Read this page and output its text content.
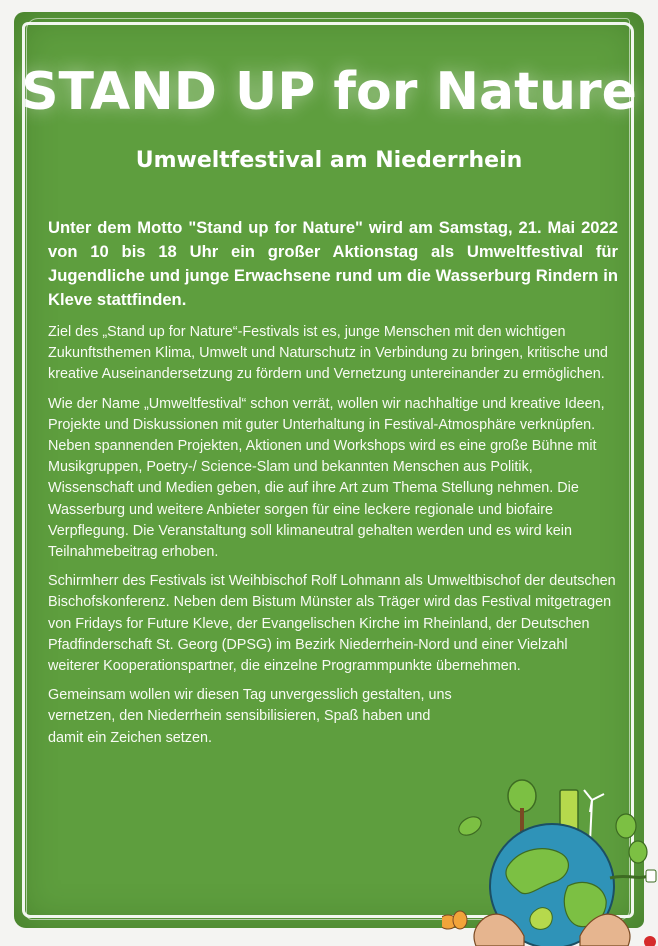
STAND UP for Nature
Umweltfestival am Niederrhein

Unter dem Motto "Stand up for Nature" wird am Samstag, 21. Mai 2022 von 10 bis 18 Uhr ein großer Aktionstag als Umweltfestival für Jugendliche und junge Erwachsene rund um die Wasserburg Rindern in Kleve stattfinden.

Ziel des „Stand up for Nature“-Festivals ist es, junge Menschen mit den wichtigen Zukunftsthemen Klima, Umwelt und Naturschutz in Verbindung zu bringen, kritische und kreative Auseinandersetzung zu fördern und Vernetzung untereinander zu ermöglichen.

Wie der Name „Umweltfestival“ schon verrät, wollen wir nachhaltige und kreative Ideen, Projekte und Diskussionen mit guter Unterhaltung in Festival-Atmosphäre verknüpfen. Neben spannenden Projekten, Aktionen und Workshops wird es eine große Bühne mit Musikgruppen, Poetry-/ Science-Slam und bekannten Menschen aus Politik, Wissenschaft und Medien geben, die auf ihre Art zum Thema Stellung nehmen. Die Wasserburg und weitere Anbieter sorgen für eine leckere regionale und biofaire Verpflegung. Die Veranstaltung soll klimaneutral gehalten werden und es wird kein Teilnahmebeitrag erhoben.

Schirmherr des Festivals ist Weihbischof Rolf Lohmann als Umweltbischof der deutschen Bischofskonferenz. Neben dem Bistum Münster als Träger wird das Festival mitgetragen von Fridays for Future Kleve, der Evangelischen Kirche im Rheinland, der Deutschen Pfadfinderschaft St. Georg (DPSG) im Bezirk Niederrhein-Nord und einer Vielzahl weiterer Kooperationspartner, die einzelne Programmpunkte übernehmen.

Gemeinsam wollen wir diesen Tag unvergesslich gestalten, uns vernetzen, den Niederrhein sensibilisieren, Spaß haben und damit ein Zeichen setzen.
